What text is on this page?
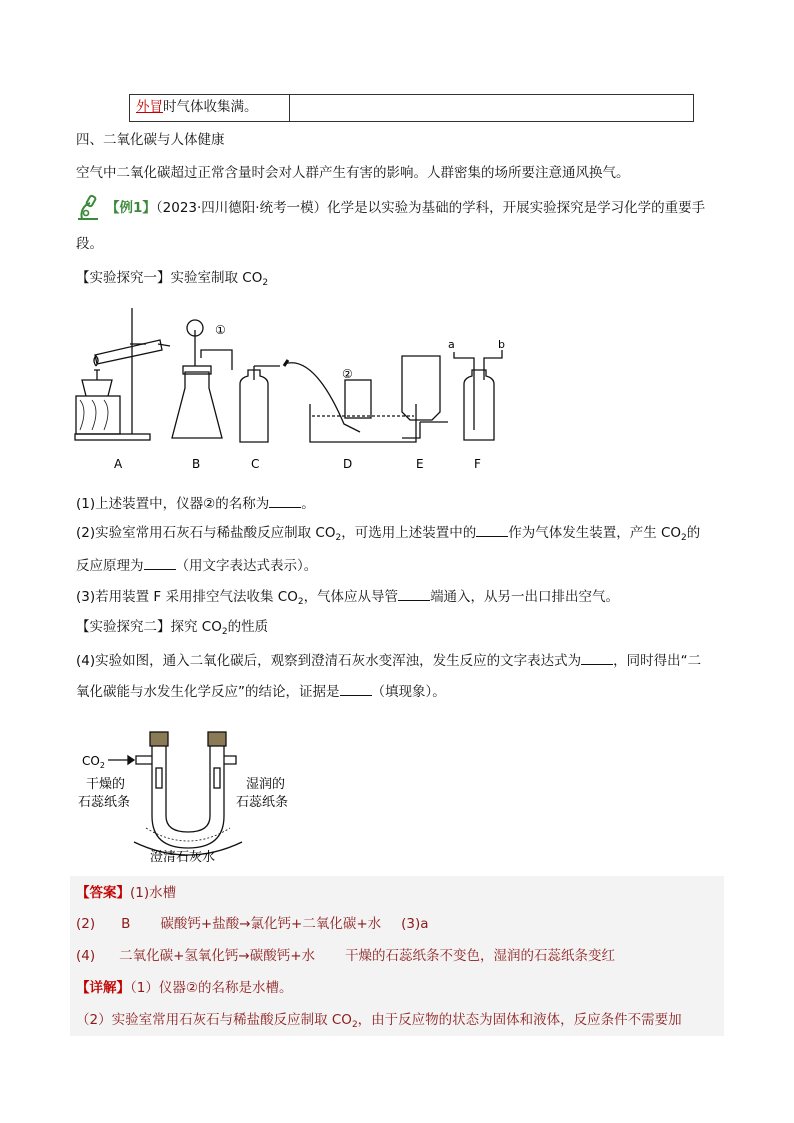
外冒时气体收集满。
四、二氧化碳与人体健康
空气中二氧化碳超过正常含量时会对人群产生有害的影响。人群密集的场所要注意通风换气。
【例1】（2023·四川德阳·统考一模）化学是以实验为基础的学科，开展实验探究是学习化学的重要手
段。
【实验探究一】实验室制取 $CO_2$
①
②
a	b
A	B	C	D	E	F
(1)上述装置中，仪器②的名称为 。
(2)实验室常用石灰石与稀盐酸反应制取 $CO_2$，可选用上述装置中的 作为气体发生装置，产生 $CO_2$的
反应原理为 （用文字表达式表示）。
(3)若用装置 F 采用排空气法收集 $CO_2$，气体应从导管 端通入，从另一出口排出空气。
【实验探究二】探究 $CO_2$的性质
(4)实验如图，通入二氧化碳后，观察到澄清石灰水变浑浊，发生反应的文字表达式为 ，同时得出“二
氧化碳能与水发生化学反应”的结论，证据是 （填现象）。
$CO_2$
干燥的
石蕊纸条
湿润的
石蕊纸条
澄清石灰水
【答案】(1)水槽
(2) B 碳酸钙+盐酸→氯化钙+二氧化碳+水 (3)a
(4) 二氧化碳+氢氧化钙→碳酸钙+水 干燥的石蕊纸条不变色，湿润的石蕊纸条变红
【详解】（1）仪器②的名称是水槽。
（2）实验室常用石灰石与稀盐酸反应制取 $CO_2$，由于反应物的状态为固体和液体，反应条件不需要加
